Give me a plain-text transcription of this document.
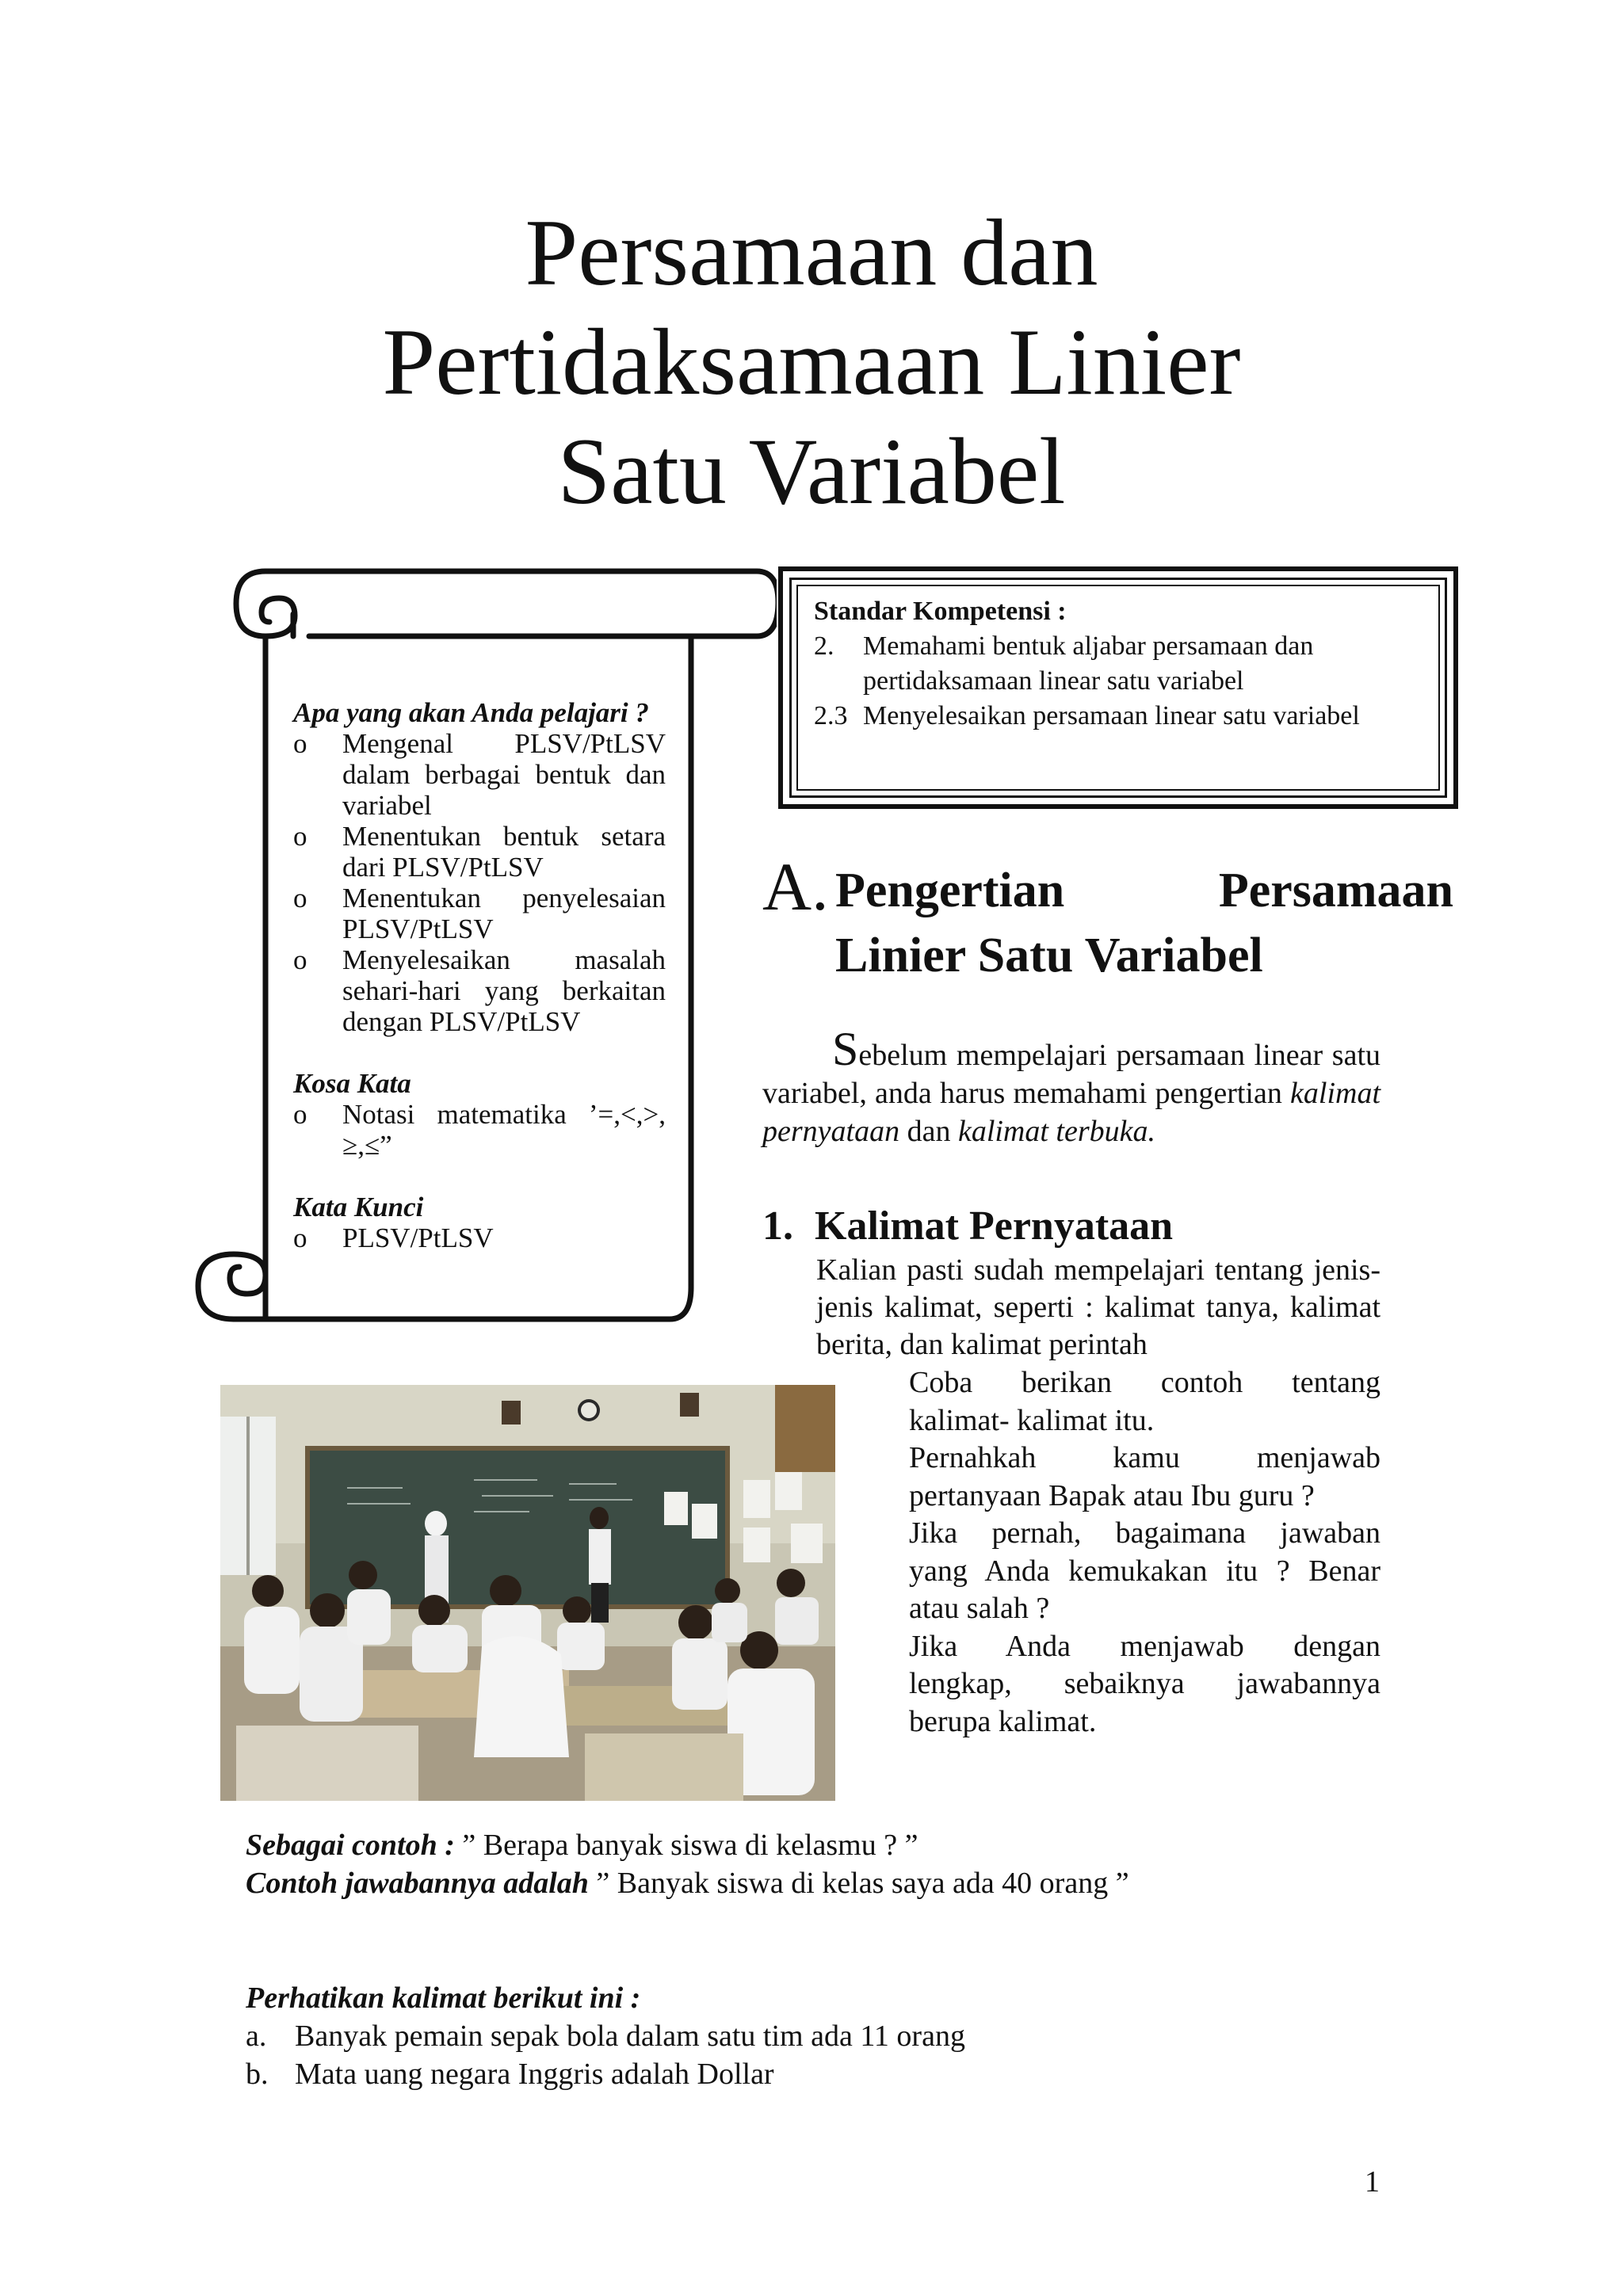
Persamaan dan
Pertidaksamaan Linier
Satu Variabel
Apa yang akan Anda pelajari ?
o	Mengenal PLSV/PtLSV dalam berbagai bentuk dan variabel
o	Menentukan bentuk setara dari PLSV/PtLSV
o	Menentukan penyelesaian PLSV/PtLSV
o	Menyelesaikan masalah sehari-hari yang berkaitan dengan PLSV/PtLSV
Kosa Kata
o	Notasi matematika ’=,<,>, ≥,≤”
Kata Kunci
o	PLSV/PtLSV
Standar Kompetensi :
2.	Memahami bentuk aljabar persamaan dan
pertidaksamaan linear satu variabel
2.3 Menyelesaikan persamaan linear satu variabel
A. Pengertian	Persamaan
Linier Satu Variabel
Sebelum mempelajari persamaan linear satu variabel, anda harus memahami pengertian kalimat pernyataan dan kalimat terbuka.
1. Kalimat Pernyataan
Kalian pasti sudah mempelajari tentang jenis- jenis kalimat, seperti : kalimat tanya, kalimat berita, dan kalimat perintah

Coba berikan contoh tentang

kalimat- kalimat itu.

Pernahkah kamu menjawab

pertanyaan Bapak atau Ibu guru ?

Jika pernah, bagaimana jawaban

yang Anda kemukakan itu ? Benar

atau salah ?

Jika Anda menjawab dengan

lengkap, sebaiknya jawabannya

berupa kalimat.

Sebagai contoh : ” Berapa banyak siswa di kelasmu ? ”
Contoh jawabannya adalah ” Banyak siswa di kelas saya ada 40 orang ”
Perhatikan kalimat berikut ini :
a. Banyak pemain sepak bola dalam satu tim ada 11 orang
b. Mata uang negara Inggris adalah Dollar
1
